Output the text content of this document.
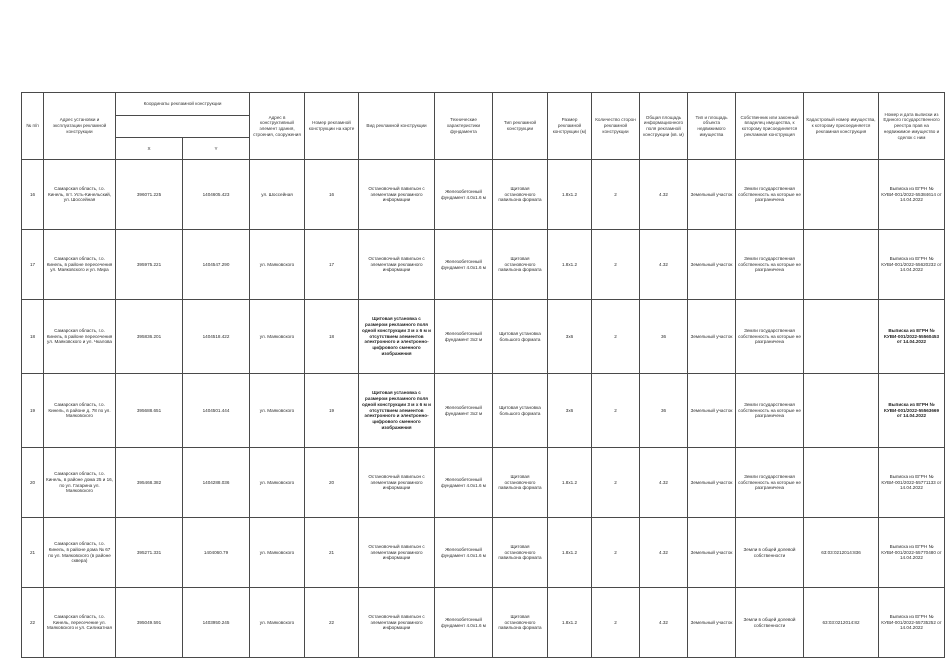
№ п/п	Адрес установки и эксплуатации рекламной конструкции	Координаты рекламной конструкции		Адрес в конструктивный элемент здания, строения, сооружения	Номер рекламной конструкции на карте	Вид рекламной конструкции	Технические характеристики фундамента	Тип рекламной конструкции	Размер рекламной конструкции (м)	Количество сторон рекламной конструкции	Общая площадь информационного поля рекламной конструкции (кв. м)	Тип и площадь объекта недвижимого имущества	Собственник или законный владелец имущества, к которому присоединяется рекламная конструкция	Кадастровый номер имущества, к которому присоединяется рекламная конструкция	Номер и дата выписки из Единого государственного реестра прав на недвижимое имущество и сделок с ним

		X	Y												
16	Самарская область, г.о. Кинель, пгт. Усть-Кинельский, ул. Шоссейная	396071.225	1404605.423	ул. Шоссейная	16	Остановочный павильон с элементами рекламного информации	Железобетонный фундамент 4.0х1.6 м	Щитовая остановочного павильона формата	1.8х1.2	2	4.32	Земельный участок	Земли государственная собственность на которые не разграничена		Выписка из ЕГРН № КУВИ-001/2022-55384614 от 14.04.2022
17	Самарская область, г.о. Кинель, в районе пересечения ул. Маяковского и ул. Мира	395975.221	1404547.290	ул. Маяковского	17	Остановочный павильон с элементами рекламного информации	Железобетонный фундамент 4.0х1.6 м	Щитовая остановочного павильона формата	1.8х1.2	2	4.32	Земельный участок	Земли государственная собственность на которые не разграничена		Выписка из ЕГРН № КУВИ-001/2022-55620232 от 14.04.2022
18	Самарская область, г.о. Кинель, в районе пересечения ул. Маяковского и ул. Чкалова	395836.201	1404518.422	ул. Маяковского	18	Щитовая установка с размером рекламного поля одной конструкции 3 м х 6 м и отсутствием элементов электронного и электронно-цифрового сменного изображения	Железобетонный фундамент 3х2 м	Щитовая установка большого формата	3х6	2	36	Земельный участок	Земли государственная собственность на которые не разграничена		Выписка из ЕГРН № КУВИ-001/2022-55560453 от 14.04.2022
19	Самарская область, г.о. Кинель, в районе д. 78 по ул. Маяковского	395688.651	1404501.444	ул. Маяковского	19	Щитовая установка с размером рекламного поля одной конструкции 3 м х 6 м и отсутствием элементов электронного и электронно-цифрового сменного изображения	Железобетонный фундамент 3х2 м	Щитовая установка большого формата	3х6	2	36	Земельный участок	Земли государственная собственность на которые не разграничена		Выписка из ЕГРН № КУВИ-001/2022-55563669 от 14.04.2022
20	Самарская область, г.о. Кинель, в районе дома 25 и 16, по ул. Гагарина ул. Маяковского	395468.382	1404288.036	ул. Маяковского	20	Остановочный павильон с элементами рекламного информации	Железобетонный фундамент 4.0х1.6 м	Щитовая остановочного павильона формата	1.8х1.2	2	4.32	Земельный участок	Земли государственная собственность на которые не разграничена		Выписка из ЕГРН № КУВИ-001/2022-55771133 от 14.04.2022
21	Самарская область, г.о. Кинель, в районе дома № 67 по ул. Маяковского (в районе сквера)	395271.331	1404060.79	ул. Маяковского	21	Остановочный павильон с элементами рекламного информации	Железобетонный фундамент 4.0х1.6 м	Щитовая остановочного павильона формата	1.8х1.2	2	4.32	Земельный участок	Земли в общей долевой собственности	63:03:0212014:836	Выписка из ЕГРН № КУВИ-001/2022-55770480 от 14.04.2022
22	Самарская область, г.о. Кинель, пересечение ул. Маяковского и ул. Силикатная	395049.591	1403950.245	ул. Маяковского	22	Остановочный павильон с элементами рекламного информации	Железобетонный фундамент 4.0х1.6 м	Щитовая остановочного павильона формата	1.8х1.2	2	4.32	Земельный участок	Земли в общей долевой собственности	63:03:0212014:82	Выписка из ЕГРН № КУВИ-001/2022-55735252 от 14.04.2022
